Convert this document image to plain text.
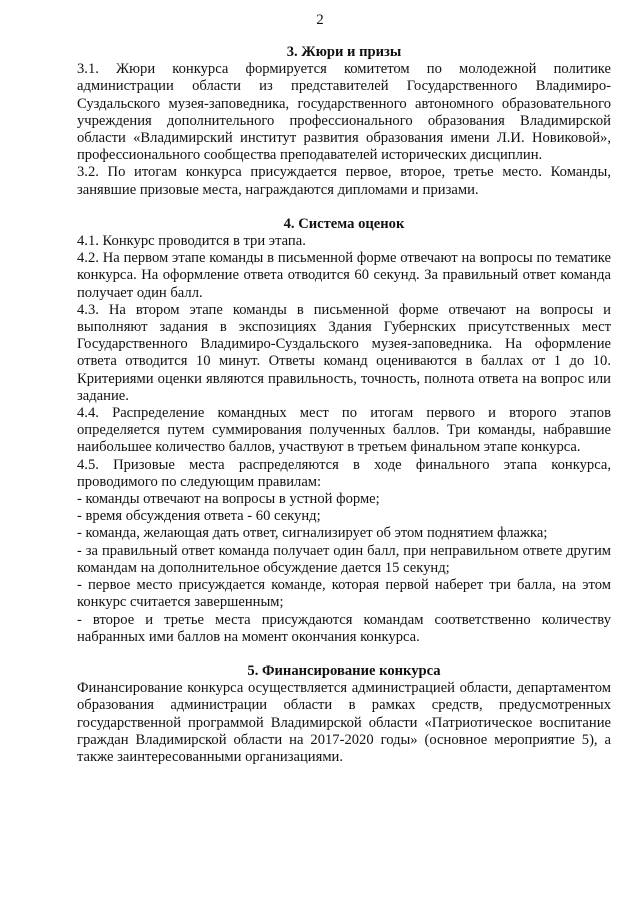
2
3. Жюри и призы

3.1. Жюри конкурса формируется комитетом по молодежной политике администрации области из представителей Государственного Владимиро-Суздальского музея-заповедника, государственного автономного образовательного учреждения дополнительного профессионального образования Владимирской области «Владимирский институт развития образования имени Л.И. Новиковой», профессионального сообщества преподавателей исторических дисциплин.

3.2. По итогам конкурса присуждается первое, второе, третье место. Команды, занявшие призовые места, награждаются дипломами и призами.

4. Система оценок

4.1. Конкурс проводится в три этапа.

4.2. На первом этапе команды в письменной форме отвечают на вопросы по тематике конкурса. На оформление ответа отводится 60 секунд. За правильный ответ команда получает один балл.

4.3. На втором этапе команды в письменной форме отвечают на вопросы и выполняют задания в экспозициях Здания Губернских присутственных мест Государственного Владимиро-Суздальского музея-заповедника. На оформление ответа отводится 10 минут. Ответы команд оцениваются в баллах от 1 до 10. Критериями оценки являются правильность, точность, полнота ответа на вопрос или задание.

4.4. Распределение командных мест по итогам первого и второго этапов определяется путем суммирования полученных баллов. Три команды, набравшие наибольшее количество баллов, участвуют в третьем финальном этапе конкурса.

4.5. Призовые места распределяются в ходе финального этапа конкурса, проводимого по следующим правилам:

- команды отвечают на вопросы в устной форме;

- время обсуждения ответа - 60 секунд;

- команда, желающая дать ответ, сигнализирует об этом поднятием флажка;

- за правильный ответ команда получает один балл, при неправильном ответе другим командам на дополнительное обсуждение дается 15 секунд;

- первое место присуждается команде, которая первой наберет три балла, на этом конкурс считается завершенным;

- второе и третье места присуждаются командам соответственно количеству набранных ими баллов на момент окончания конкурса.

5. Финансирование конкурса

Финансирование конкурса осуществляется администрацией области, департаментом образования администрации области в рамках средств, предусмотренных государственной программой Владимирской области «Патриотическое воспитание граждан Владимирской области на 2017-2020 годы» (основное мероприятие 5), а также заинтересованными организациями.
